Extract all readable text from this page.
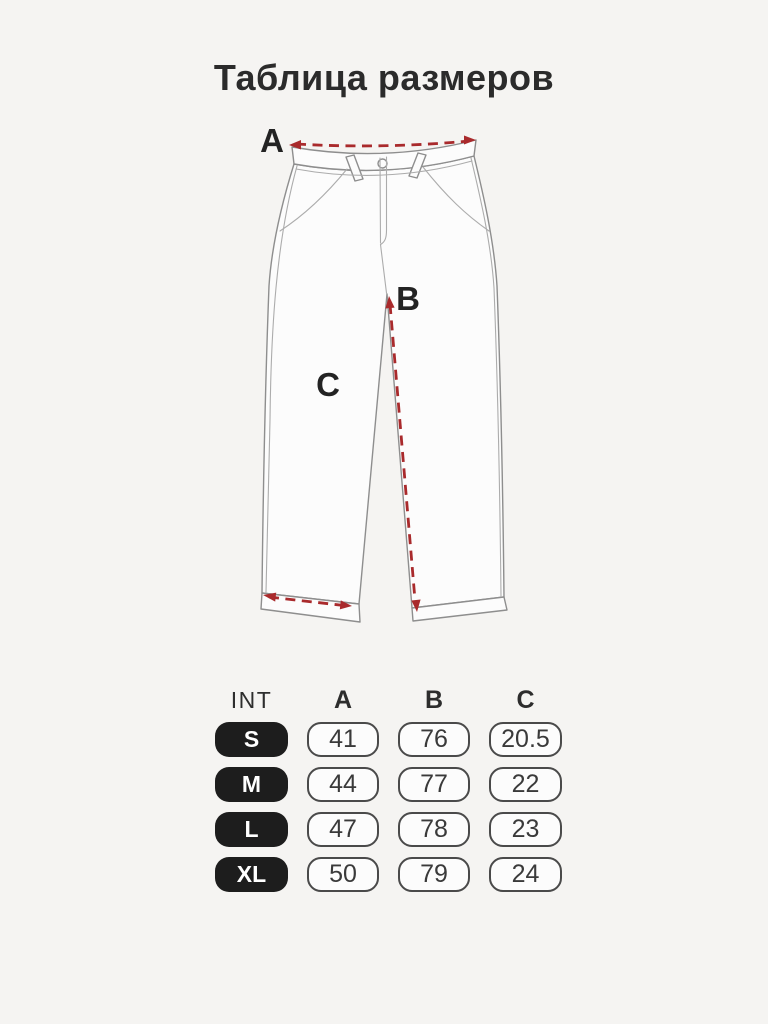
Таблица размеров
A
B
C
INT	A	B	C
S	41	76	20.5
M	44	77	22
L	47	78	23
XL	50	79	24
